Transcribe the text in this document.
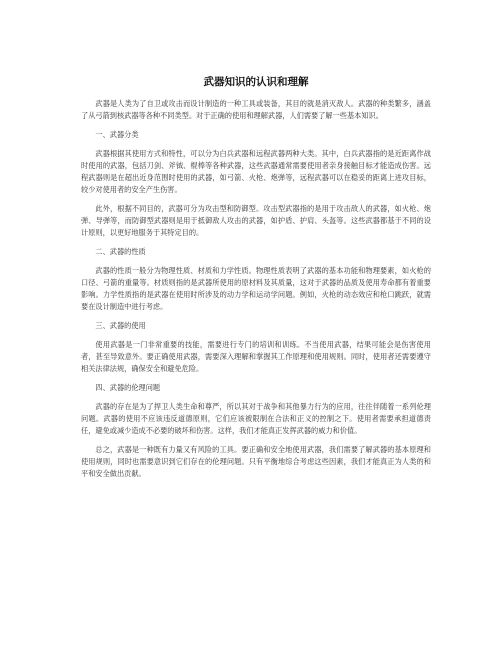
武器知识的认识和理解

武器是人类为了自卫或攻击而设计制造的一种工具或装备，其目的就是消灭敌人。武器的种类繁多，涵盖了从弓箭到核武器等各种不同类型。对于正确的使用和理解武器，人们需要了解一些基本知识。

一、武器分类

武器根据其使用方式和特性，可以分为白兵武器和远程武器两种大类。其中，白兵武器指的是近距离作战时使用的武器，包括刀剑、斧钺、棍棒等各种武器，这些武器通常需要使用者亲身接触目标才能造成伤害。远程武器则是在超出近身范围时使用的武器，如弓箭、火枪、炮弹等，远程武器可以在稳妥的距离上进攻目标，较少对使用者的安全产生伤害。

此外，根据不同目的，武器可分为攻击型和防御型。攻击型武器指的是用于攻击敌人的武器，如火枪、炮弹、导弹等，而防御型武器则是用于抵御敌人攻击的武器，如护盾、护肩、头盔等。这些武器都基于不同的设计原则，以更好地服务于其特定目的。

二、武器的性质

武器的性质一般分为物理性质、材质和力学性质。物理性质表明了武器的基本功能和物理要素，如火枪的口径、弓箭的重量等。材质则指的是武器所使用的原材料及其质量，这对于武器的品质及使用寿命都有着重要影响。力学性质指的是武器在使用时所涉及的动力学和运动学问题。例如，火枪的动态效应和枪口跳跃，就需要在设计制造中进行考虑。

三、武器的使用

使用武器是一门非常重要的技能，需要进行专门的培训和训练。不当使用武器，结果可能会是伤害使用者，甚至导致意外。要正确使用武器，需要深入理解和掌握其工作原理和使用规则。同时，使用者还需要遵守相关法律法规，确保安全和避免危险。

四、武器的伦理问题

武器的存在是为了捍卫人类生命和尊严，所以其对于战争和其他暴力行为的应用，往往伴随着一系列伦理问题。武器的使用不应该违反道德原则，它们应该被限制在合法和正义的控制之下。使用者需要承担道德责任，避免或减少造成不必要的破坏和伤害。这样，我们才能真正发挥武器的威力和价值。

总之，武器是一种既有力量又有风险的工具。要正确和安全地使用武器，我们需要了解武器的基本原理和使用规则，同时也需要意识到它们存在的伦理问题。只有平衡地综合考虑这些因素，我们才能真正为人类的和平和安全做出贡献。
